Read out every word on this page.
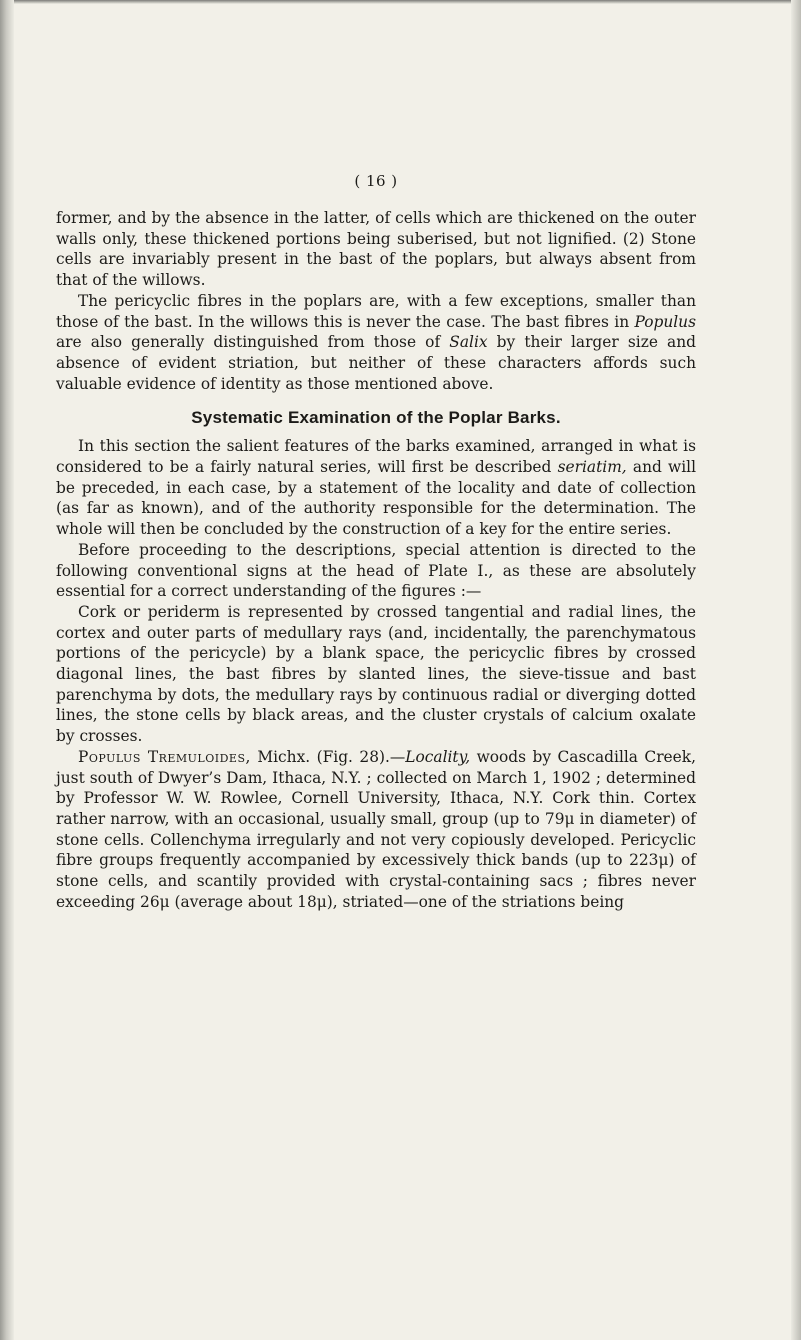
( 16 )

former, and by the absence in the latter, of cells which are thickened on the outer walls only, these thickened portions being suberised, but not lignified. (2) Stone cells are invariably present in the bast of the poplars, but always absent from that of the willows.

The pericyclic fibres in the poplars are, with a few exceptions, smaller than those of the bast. In the willows this is never the case. The bast fibres in Populus are also generally distinguished from those of Salix by their larger size and absence of evident striation, but neither of these characters affords such valuable evidence of identity as those mentioned above.

Systematic Examination of the Poplar Barks.

In this section the salient features of the barks examined, arranged in what is considered to be a fairly natural series, will first be described seriatim, and will be preceded, in each case, by a statement of the locality and date of collection (as far as known), and of the authority responsible for the determination. The whole will then be concluded by the construction of a key for the entire series.

Before proceeding to the descriptions, special attention is directed to the following conventional signs at the head of Plate I., as these are absolutely essential for a correct understanding of the figures :—

Cork or periderm is represented by crossed tangential and radial lines, the cortex and outer parts of medullary rays (and, incidentally, the parenchymatous portions of the pericycle) by a blank space, the pericyclic fibres by crossed diagonal lines, the bast fibres by slanted lines, the sieve-tissue and bast parenchyma by dots, the medullary rays by continuous radial or diverging dotted lines, the stone cells by black areas, and the cluster crystals of calcium oxalate by crosses.

Populus Tremuloides, Michx. (Fig. 28).—Locality, woods by Cascadilla Creek, just south of Dwyer’s Dam, Ithaca, N.Y. ; collected on March 1, 1902 ; determined by Professor W. W. Rowlee, Cornell University, Ithaca, N.Y. Cork thin. Cortex rather narrow, with an occasional, usually small, group (up to 79μ in diameter) of stone cells. Collenchyma irregularly and not very copiously developed. Pericyclic fibre groups frequently accompanied by excessively thick bands (up to 223μ) of stone cells, and scantily provided with crystal-containing sacs ; fibres never exceeding 26μ (average about 18μ), striated—one of the striations being
